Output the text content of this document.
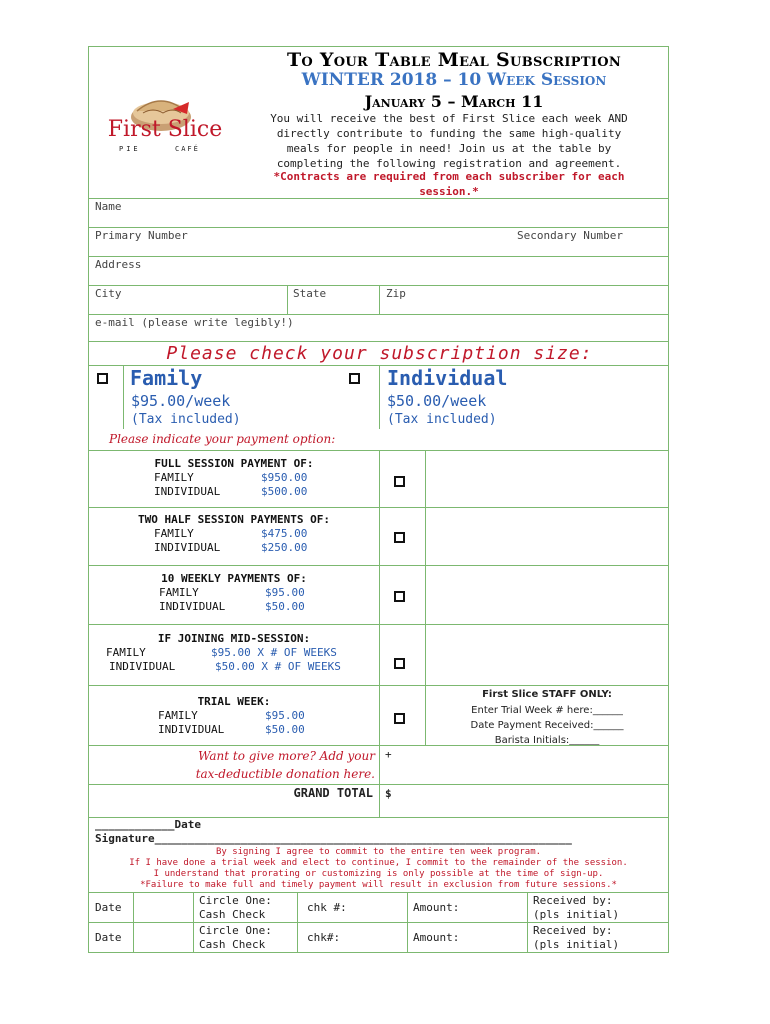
First Slice
PIE	CAFÉ
To Your Table Meal Subscription
WINTER 2018 – 10 Week Session
January 5 – March 11
You will receive the best of First Slice each week AND
directly contribute to funding the same high-quality
meals for people in need! Join us at the table by
completing the following registration and agreement.
*Contracts are required from each subscriber for each
session.*
Name
Primary Number	Secondary Number
Address
City	State	Zip
e-mail (please write legibly!)
Please check your subscription size:
Family
$95.00/week
(Tax included)
Individual
$50.00/week
(Tax included)
Please indicate your payment option:
FULL SESSION PAYMENT OF:
FAMILY	$950.00
INDIVIDUAL	$500.00
TWO HALF SESSION PAYMENTS OF:
FAMILY	$475.00
INDIVIDUAL	$250.00
10 WEEKLY PAYMENTS OF:
FAMILY	$95.00
INDIVIDUAL	$50.00
IF JOINING MID-SESSION:
FAMILY	$95.00 X # OF WEEKS
INDIVIDUAL	$50.00 X # OF WEEKS
TRIAL WEEK:
FAMILY	$95.00
INDIVIDUAL	$50.00
First Slice STAFF ONLY:
Enter Trial Week # here:______
Date Payment Received:______
Barista Initials:______
Want to give more? Add your
tax-deductible donation here.
+
GRAND TOTAL $
____________Date
Signature_______________________________________________________________
By signing I agree to commit to the entire ten week program.
If I have done a trial week and elect to continue, I commit to the remainder of the session.
I understand that prorating or customizing is only possible at the time of sign-up.
*Failure to make full and timely payment will result in exclusion from future sessions.*
Date
Circle One:
Cash Check
chk #:	Amount:
Received by:
(pls initial)
Date
Circle One:
Cash Check
chk#:	Amount:
Received by:
(pls initial)
